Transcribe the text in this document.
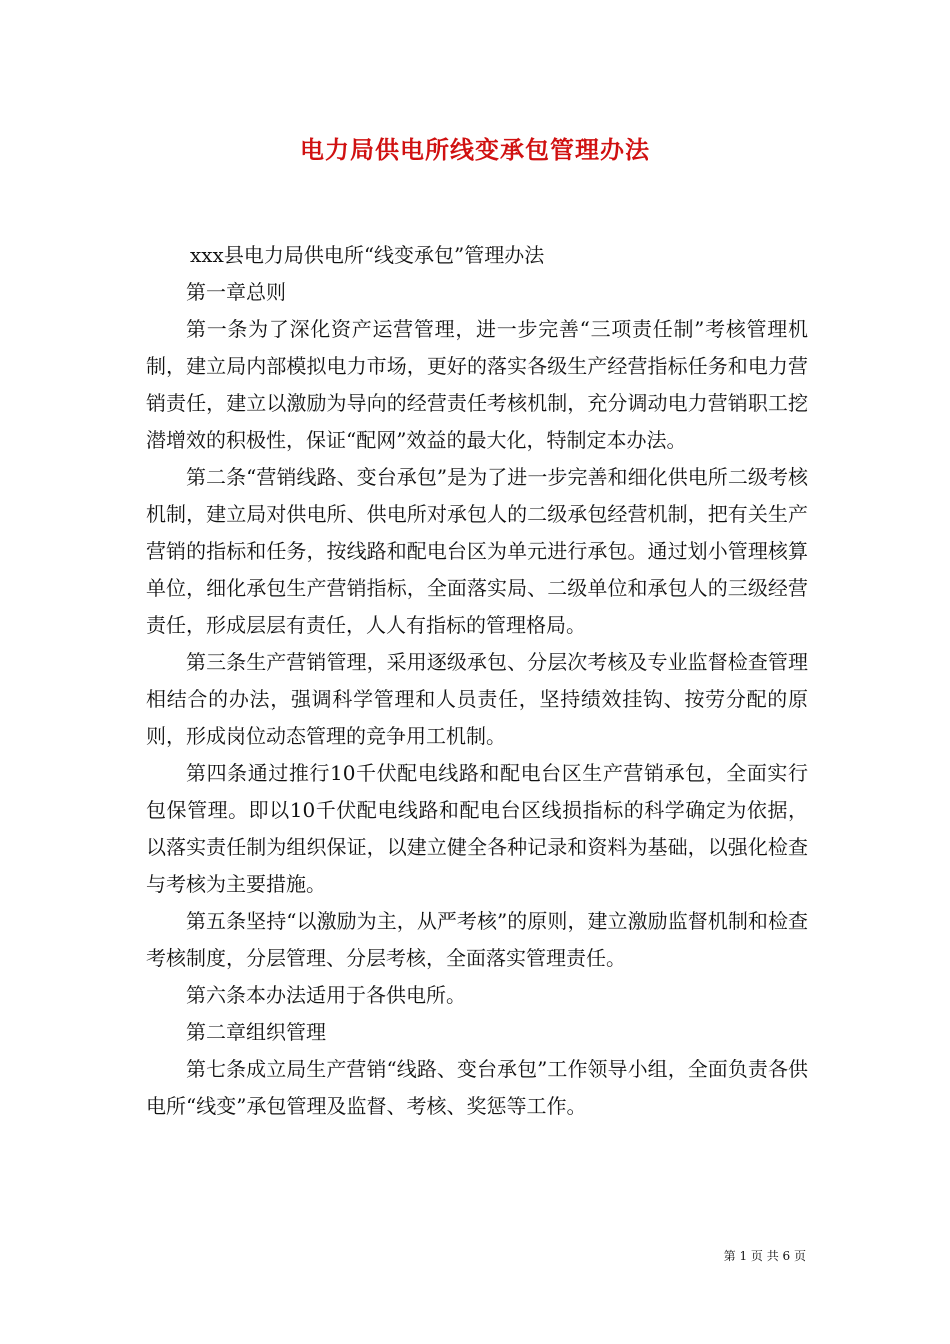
电力局供电所线变承包管理办法

xxx县电力局供电所“线变承包”管理办法

第一章总则

第一条为了深化资产运营管理，进一步完善“三项责任制”考核管理机制，建立局内部模拟电力市场，更好的落实各级生产经营指标任务和电力营销责任，建立以激励为导向的经营责任考核机制，充分调动电力营销职工挖潜增效的积极性，保证“配网”效益的最大化，特制定本办法。

第二条“营销线路、变台承包”是为了进一步完善和细化供电所二级考核机制，建立局对供电所、供电所对承包人的二级承包经营机制，把有关生产营销的指标和任务，按线路和配电台区为单元进行承包。通过划小管理核算单位，细化承包生产营销指标，全面落实局、二级单位和承包人的三级经营责任，形成层层有责任，人人有指标的管理格局。

第三条生产营销管理，采用逐级承包、分层次考核及专业监督检查管理相结合的办法，强调科学管理和人员责任，坚持绩效挂钩、按劳分配的原则，形成岗位动态管理的竞争用工机制。

第四条通过推行10千伏配电线路和配电台区生产营销承包，全面实行包保管理。即以10千伏配电线路和配电台区线损指标的科学确定为依据，以落实责任制为组织保证，以建立健全各种记录和资料为基础，以强化检查与考核为主要措施。

第五条坚持“以激励为主，从严考核”的原则，建立激励监督机制和检查考核制度，分层管理、分层考核，全面落实管理责任。

第六条本办法适用于各供电所。

第二章组织管理

第七条成立局生产营销“线路、变台承包”工作领导小组，全面负责各供电所“线变”承包管理及监督、考核、奖惩等工作。

第 1 页 共 6 页
